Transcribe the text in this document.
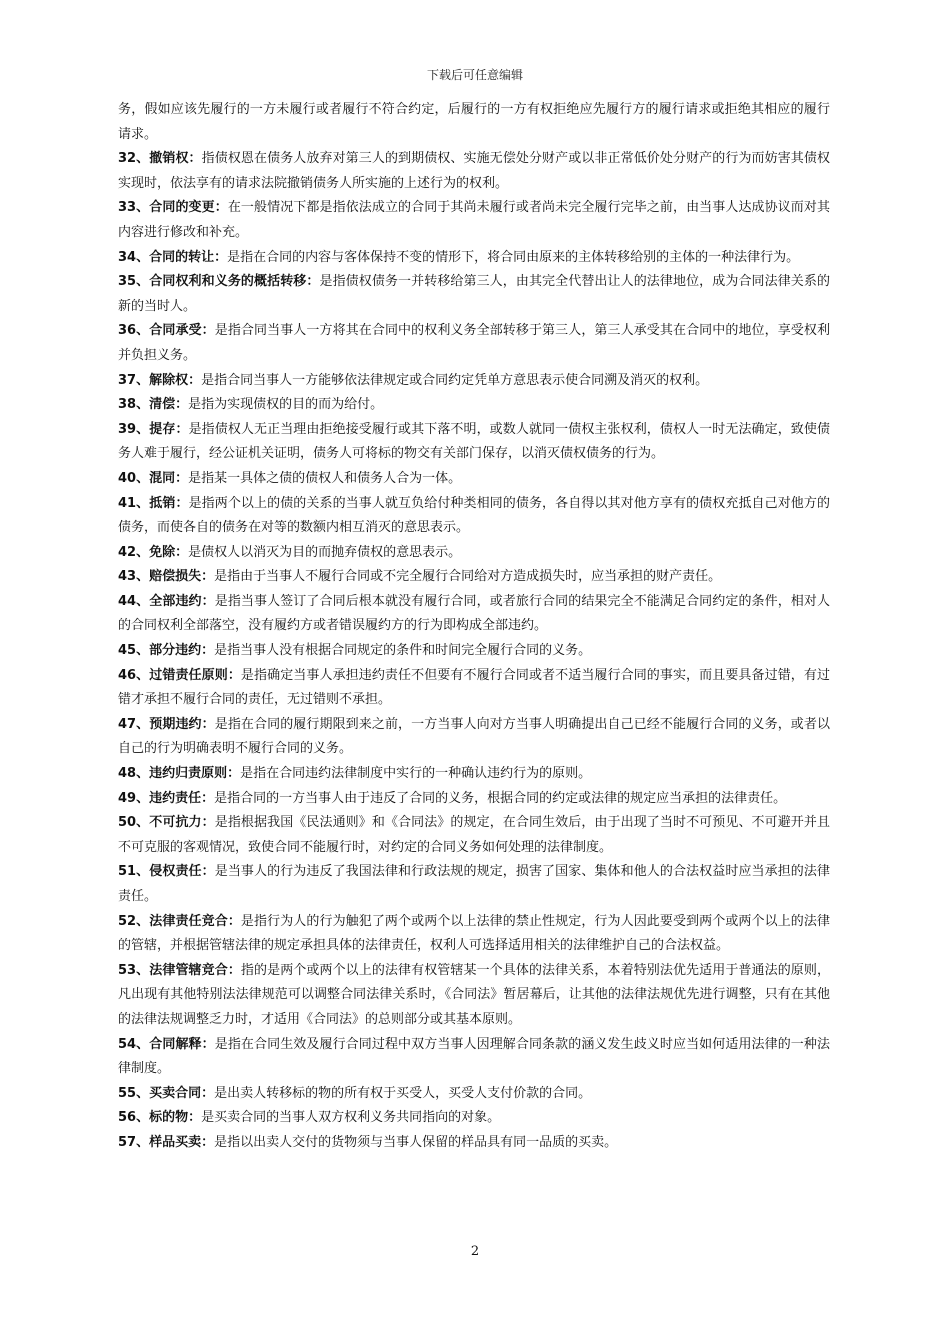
下载后可任意编辑

务，假如应该先履行的一方未履行或者履行不符合约定，后履行的一方有权拒绝应先履行方的履行请求或拒绝其相应的履行请求。

32、撤销权：指债权恩在债务人放弃对第三人的到期债权、实施无偿处分财产或以非正常低价处分财产的行为而妨害其债权实现时，依法享有的请求法院撤销债务人所实施的上述行为的权利。

33、合同的变更：在一般情况下都是指依法成立的合同于其尚未履行或者尚未完全履行完毕之前，由当事人达成协议而对其内容进行修改和补充。

34、合同的转让：是指在合同的内容与客体保持不变的情形下，将合同由原来的主体转移给别的主体的一种法律行为。

35、合同权利和义务的概括转移：是指债权债务一并转移给第三人，由其完全代替出让人的法律地位，成为合同法律关系的新的当时人。

36、合同承受：是指合同当事人一方将其在合同中的权利义务全部转移于第三人，第三人承受其在合同中的地位，享受权利并负担义务。

37、解除权：是指合同当事人一方能够依法律规定或合同约定凭单方意思表示使合同溯及消灭的权利。

38、清偿：是指为实现债权的目的而为给付。

39、提存：是指债权人无正当理由拒绝接受履行或其下落不明，或数人就同一债权主张权利，债权人一时无法确定，致使债务人难于履行，经公证机关证明，债务人可将标的物交有关部门保存，以消灭债权债务的行为。

40、混同：是指某一具体之债的债权人和债务人合为一体。

41、抵销：是指两个以上的债的关系的当事人就互负给付种类相同的债务，各自得以其对他方享有的债权充抵自己对他方的债务，而使各自的债务在对等的数额内相互消灭的意思表示。

42、免除：是债权人以消灭为目的而抛弃债权的意思表示。

43、赔偿损失：是指由于当事人不履行合同或不完全履行合同给对方造成损失时，应当承担的财产责任。

44、全部违约：是指当事人签订了合同后根本就没有履行合同，或者旅行合同的结果完全不能满足合同约定的条件，相对人的合同权利全部落空，没有履约方或者错误履约方的行为即构成全部违约。

45、部分违约：是指当事人没有根据合同规定的条件和时间完全履行合同的义务。

46、过错责任原则：是指确定当事人承担违约责任不但要有不履行合同或者不适当履行合同的事实，而且要具备过错，有过错才承担不履行合同的责任，无过错则不承担。

47、预期违约：是指在合同的履行期限到来之前，一方当事人向对方当事人明确提出自己已经不能履行合同的义务，或者以自己的行为明确表明不履行合同的义务。

48、违约归责原则：是指在合同违约法律制度中实行的一种确认违约行为的原则。

49、违约责任：是指合同的一方当事人由于违反了合同的义务，根据合同的约定或法律的规定应当承担的法律责任。

50、不可抗力：是指根据我国《民法通则》和《合同法》的规定，在合同生效后，由于出现了当时不可预见、不可避开并且不可克服的客观情况，致使合同不能履行时，对约定的合同义务如何处理的法律制度。

51、侵权责任：是当事人的行为违反了我国法律和行政法规的规定，损害了国家、集体和他人的合法权益时应当承担的法律责任。

52、法律责任竞合：是指行为人的行为触犯了两个或两个以上法律的禁止性规定，行为人因此要受到两个或两个以上的法律的管辖，并根据管辖法律的规定承担具体的法律责任，权利人可选择适用相关的法律维护自己的合法权益。

53、法律管辖竞合：指的是两个或两个以上的法律有权管辖某一个具体的法律关系，本着特别法优先适用于普通法的原则，凡出现有其他特别法法律规范可以调整合同法律关系时，《合同法》暂居幕后，让其他的法律法规优先进行调整，只有在其他的法律法规调整乏力时，才适用《合同法》的总则部分或其基本原则。

54、合同解释：是指在合同生效及履行合同过程中双方当事人因理解合同条款的涵义发生歧义时应当如何适用法律的一种法律制度。

55、买卖合同：是出卖人转移标的物的所有权于买受人，买受人支付价款的合同。

56、标的物：是买卖合同的当事人双方权利义务共同指向的对象。

57、样品买卖：是指以出卖人交付的货物须与当事人保留的样品具有同一品质的买卖。

2
